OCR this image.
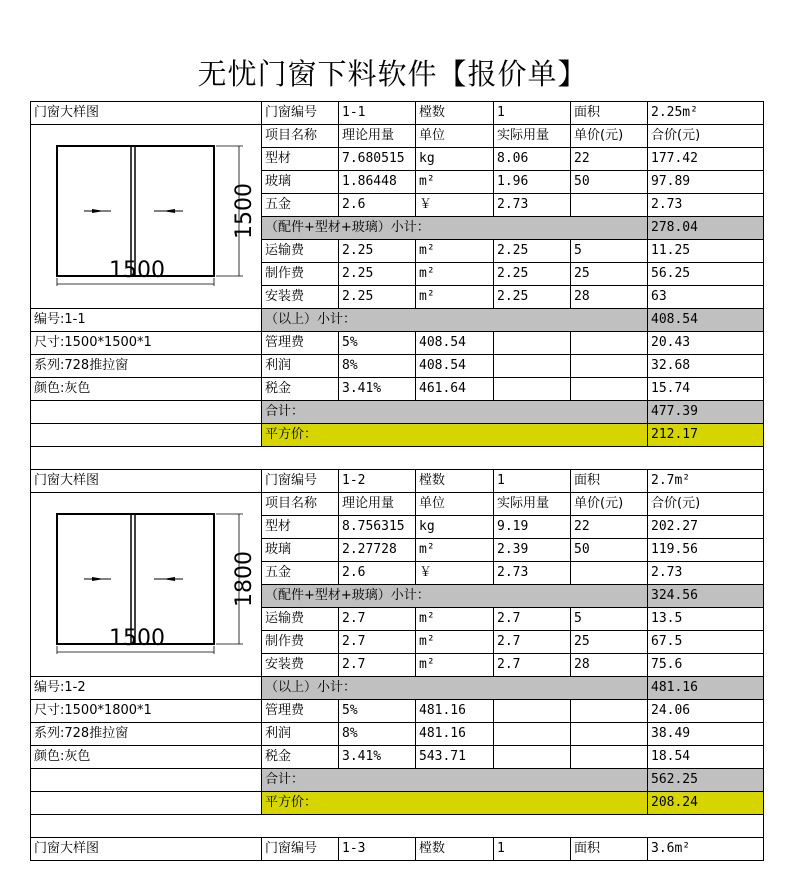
无忧门窗下料软件【报价单】
门窗大样图	门窗编号	1-1	樘数	1	面积	2.25m²

1500
1500	项目名称	理论用量	单位	实际用量	单价(元)	合价(元)
	型材	7.680515	kg	8.06	22	177.42
	玻璃	1.86448	m²	1.96	50	97.89
	五金	2.6	￥	2.73		2.73
	（配件+型材+玻璃）小计：					278.04
	运输费	2.25	m²	2.25	5	11.25
	制作费	2.25	m²	2.25	25	56.25
	安装费	2.25	m²	2.25	28	63
编号:1-1	（以上）小计：					408.54
尺寸:1500*1500*1	管理费	5%	408.54			20.43
系列:728推拉窗	利润	8%	408.54			32.68
颜色:灰色	税金	3.41%	461.64			15.74
	合计：					477.39
	平方价：					212.17

门窗大样图	门窗编号	1-2	樘数	1	面积	2.7m²

1800
1500	项目名称	理论用量	单位	实际用量	单价(元)	合价(元)
	型材	8.756315	kg	9.19	22	202.27
	玻璃	2.27728	m²	2.39	50	119.56
	五金	2.6	￥	2.73		2.73
	（配件+型材+玻璃）小计：					324.56
	运输费	2.7	m²	2.7	5	13.5
	制作费	2.7	m²	2.7	25	67.5
	安装费	2.7	m²	2.7	28	75.6
编号:1-2	（以上）小计：					481.16
尺寸:1500*1800*1	管理费	5%	481.16			24.06
系列:728推拉窗	利润	8%	481.16			38.49
颜色:灰色	税金	3.41%	543.71			18.54
	合计：					562.25
	平方价：					208.24

门窗大样图	门窗编号	1-3	樘数	1	面积	3.6m²
